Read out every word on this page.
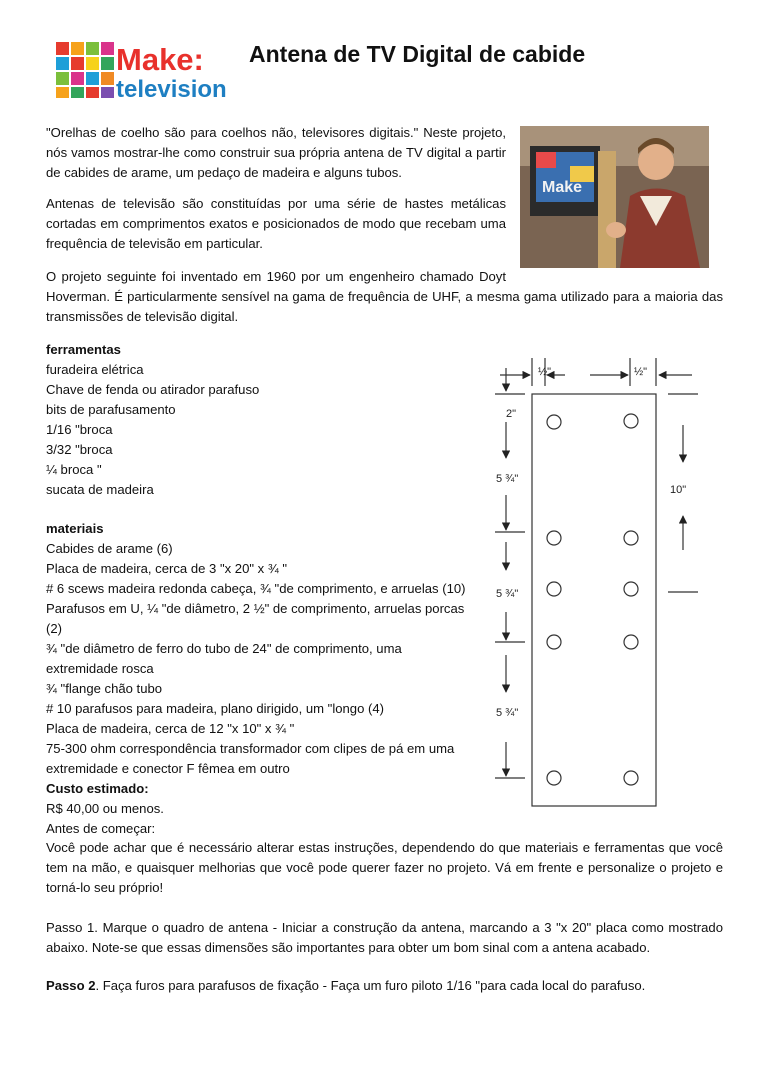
Make:
television
Antena de TV Digital de cabide
Make
"Orelhas de coelho são para coelhos não, televisores digitais." Neste projeto, nós vamos mostrar-lhe como construir sua própria antena de TV digital a partir de cabides de arame, um pedaço de madeira e alguns tubos.
Antenas de televisão são constituídas por uma série de hastes metálicas cortadas em comprimentos exatos e posicionados de modo que recebam uma frequência de televisão em particular.
O projeto seguinte foi inventado em 1960 por um engenheiro chamado Doyt
Hoverman. É particularmente sensível na gama de frequência de UHF, a mesma gama utilizado para a maioria das transmissões de televisão digital.
ferramentas
furadeira elétrica
Chave de fenda ou atirador parafuso
bits de parafusamento
1/16 "broca
3/32 "broca
¼ broca "
sucata de madeira
materiais
Cabides de arame (6)
Placa de madeira, cerca de 3 "x 20" x ¾ "
# 6 scews madeira redonda cabeça, ¾ "de comprimento, e arruelas (10)
Parafusos em U, ¼ "de diâmetro, 2 ½" de comprimento, arruelas porcas
(2)
¾ "de diâmetro de ferro do tubo de 24" de comprimento, uma
extremidade rosca
¾ "flange chão tubo
# 10 parafusos para madeira, plano dirigido, um "longo (4)
Placa de madeira, cerca de 12 "x 10" x ¾ "
75-300 ohm correspondência transformador com clipes de pá em uma
extremidade e conector F fêmea em outro
Custo estimado:
R$ 40,00 ou menos.
Antes de começar:
Você pode achar que é necessário alterar estas instruções, dependendo do que materiais e ferramentas que você tem na mão, e quaisquer melhorias que você pode querer fazer no projeto. Vá em frente e personalize o projeto e torná-lo seu próprio!
Passo 1. Marque o quadro de antena - Iniciar a construção da antena, marcando a 3 "x 20" placa como mostrado abaixo. Note-se que essas dimensões são importantes para obter um bom sinal com a antena acabado.
Passo 2. Faça furos para parafusos de fixação - Faça um furo piloto 1/16 "para cada local do parafuso.
½"	½"
2"
5 ¾"
5 ¾"
5 ¾"
10"
